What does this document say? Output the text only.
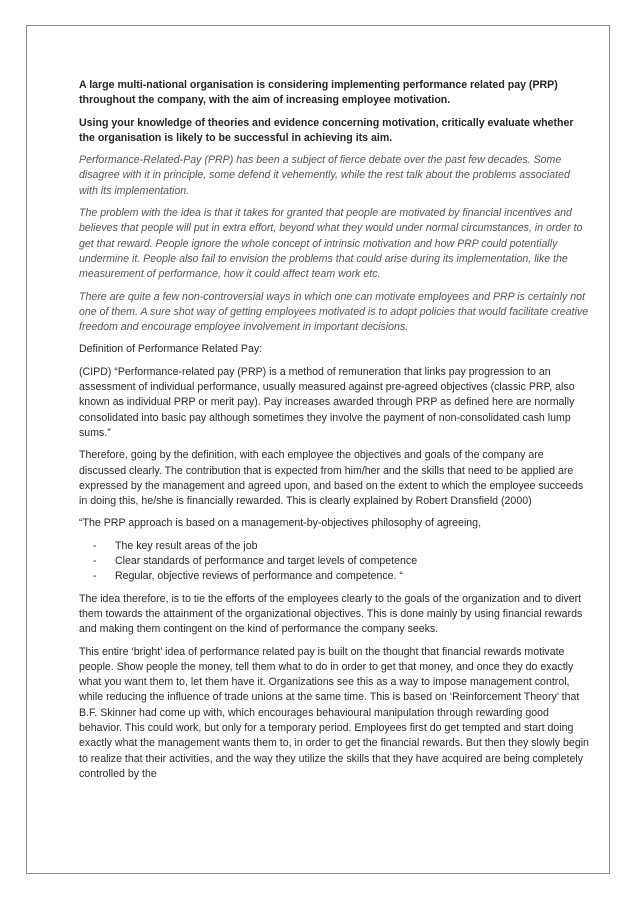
A large multi-national organisation is considering implementing performance related pay (PRP) throughout the company, with the aim of increasing employee motivation.

Using your knowledge of theories and evidence concerning motivation, critically evaluate whether the organisation is likely to be successful in achieving its aim.

Performance-Related-Pay (PRP) has been a subject of fierce debate over the past few decades. Some disagree with it in principle, some defend it vehemently, while the rest talk about the problems associated with its implementation.

The problem with the idea is that it takes for granted that people are motivated by financial incentives and believes that people will put in extra effort, beyond what they would under normal circumstances, in order to get that reward. People ignore the whole concept of intrinsic motivation and how PRP could potentially undermine it. People also fail to envision the problems that could arise during its implementation, like the measurement of performance, how it could affect team work etc.

There are quite a few non-controversial ways in which one can motivate employees and PRP is certainly not one of them. A sure shot way of getting employees motivated is to adopt policies that would facilitate creative freedom and encourage employee involvement in important decisions.

Definition of Performance Related Pay:

(CIPD) “Performance-related pay (PRP) is a method of remuneration that links pay progression to an assessment of individual performance, usually measured against pre-agreed objectives (classic PRP, also known as individual PRP or merit pay). Pay increases awarded through PRP as defined here are normally consolidated into basic pay although sometimes they involve the payment of non-consolidated cash lump sums.”

Therefore, going by the definition, with each employee the objectives and goals of the company are discussed clearly. The contribution that is expected from him/her and the skills that need to be applied are expressed by the management and agreed upon, and based on the extent to which the employee succeeds in doing this, he/she is financially rewarded. This is clearly explained by Robert Dransfield (2000)

“The PRP approach is based on a management-by-objectives philosophy of agreeing,

- The key result areas of the job
- Clear standards of performance and target levels of competence
- Regular, objective reviews of performance and competence. “

The idea therefore, is to tie the efforts of the employees clearly to the goals of the organization and to divert them towards the attainment of the organizational objectives. This is done mainly by using financial rewards and making them contingent on the kind of performance the company seeks.

This entire ‘bright’ idea of performance related pay is built on the thought that financial rewards motivate people. Show people the money, tell them what to do in order to get that money, and once they do exactly what you want them to, let them have it. Organizations see this as a way to impose management control, while reducing the influence of trade unions at the same time. This is based on ‘Reinforcement Theory’ that B.F. Skinner had come up with, which encourages behavioural manipulation through rewarding good behavior. This could work, but only for a temporary period. Employees first do get tempted and start doing exactly what the management wants them to, in order to get the financial rewards. But then they slowly begin to realize that their activities, and the way they utilize the skills that they have acquired are being completely controlled by the
